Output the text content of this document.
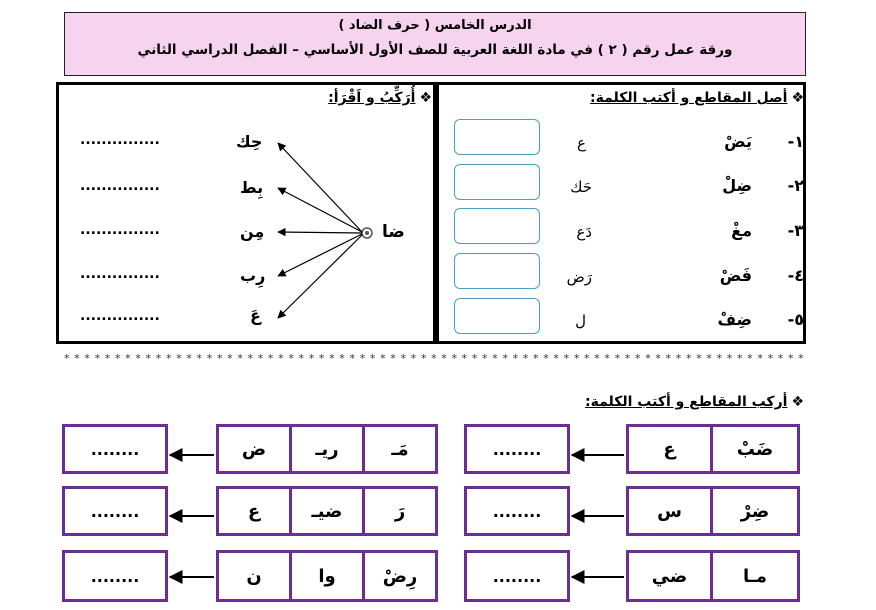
الدرس الخامس ( حرف الضاد )
ورقة عمل رقم ( ٢ ) في مادة اللغة العربية للصف الأول الأساسي – الفصل الدراسي الثاني
❖أصل المقاطع و أكتب الكلمة:
١-
٢-
٣-
٤-
٥-
يَضْ
ضِلْ
مغْ
فَضْ
ضِفْ
ع
حَك
دَع
رَض
ل
❖أُرَكِّبُ و اَقْرَأ:
ضا
حِك
بِط
مِن
رِب
عَ
...............
...............
...............
...............
...............
* * * * * * * * * * * * * * * * * * * * * * * * * * * * * * * * * * * * * * * * * * * * * * * * * * * * * * * * * * * * * * * * * * * * * * * * *
❖أركب المقاطع و أكتب الكلمة:
ضَبْ
ع
........
ضِرْ
س
........
مـا
ضي
........
مَـ
ريـ
ض
........
رَ
ضيـ
ع
........
رِضْ
وا
ن
........
